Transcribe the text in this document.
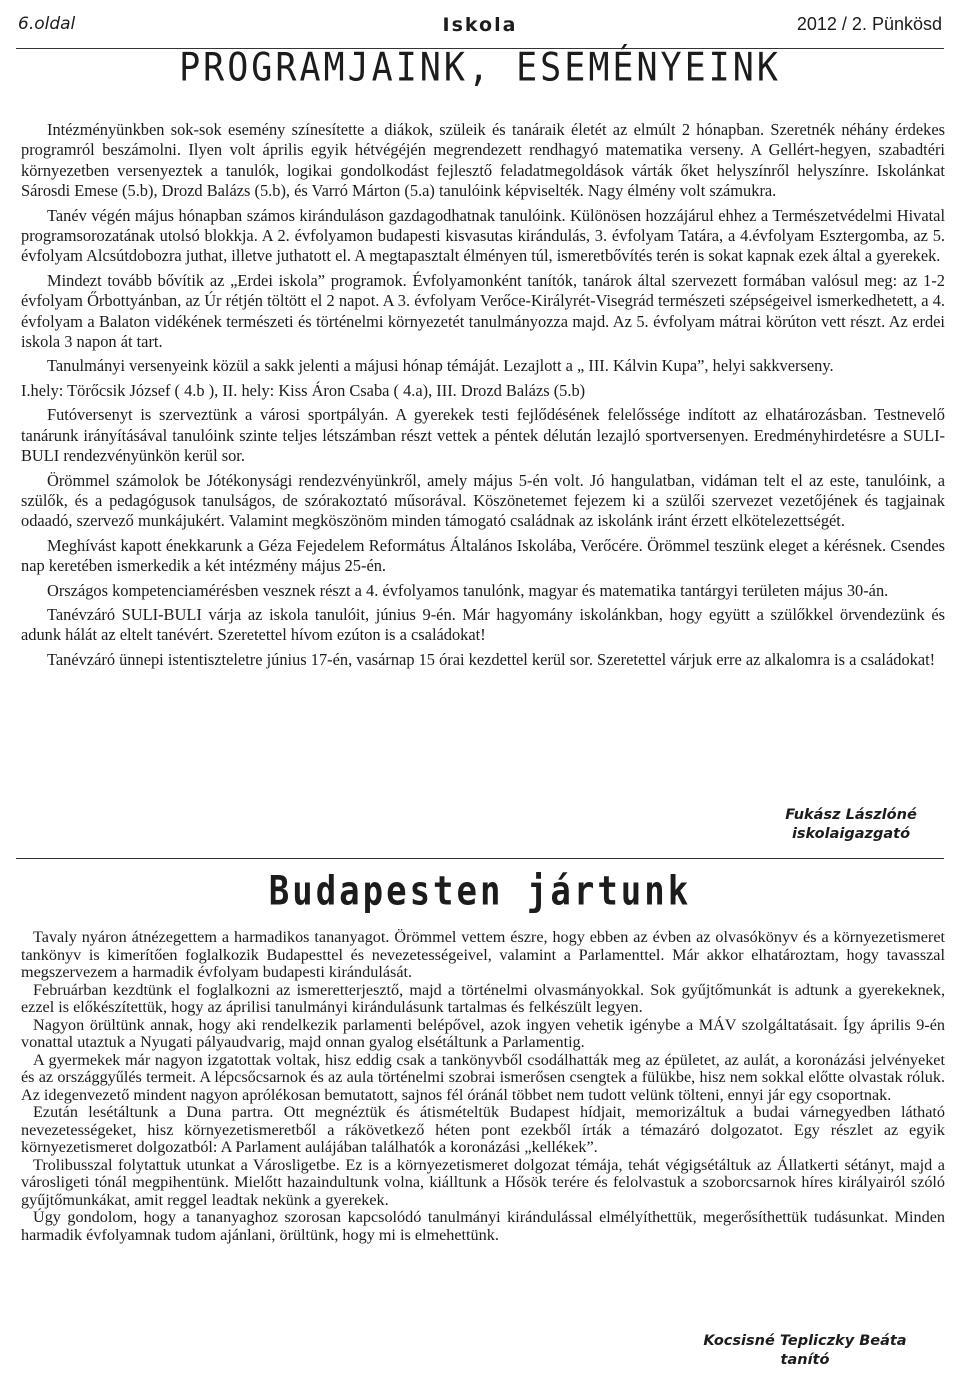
6.oldal	Iskola	2012 / 2. Pünkösd
PROGRAMJAINK, ESEMÉNYEINK

Intézményünkben sok-sok esemény színesítette a diákok, szüleik és tanáraik életét az elmúlt 2 hónapban. Szeretnék néhány érdekes programról beszámolni. Ilyen volt április egyik hétvégéjén megrendezett rendhagyó matematika verseny. A Gellért-hegyen, szabadtéri környezetben versenyeztek a tanulók, logikai gondolkodást fejlesztő feladatmegoldások várták őket helyszínről helyszínre. Iskolánkat Sárosdi Emese (5.b), Drozd Balázs (5.b), és Varró Márton (5.a) tanulóink képviselték. Nagy élmény volt számukra.

Tanév végén május hónapban számos kiránduláson gazdagodhatnak tanulóink. Különösen hozzájárul ehhez a Természetvédelmi Hivatal programsorozatának utolsó blokkja. A 2. évfolyamon budapesti kisvasutas kirándulás, 3. évfolyam Tatára, a 4.évfolyam Esztergomba, az 5. évfolyam Alcsútdobozra juthat, illetve juthatott el. A megtapasztalt élményen túl, ismeretbővítés terén is sokat kapnak ezek által a gyerekek.

Mindezt tovább bővítik az „Erdei iskola” programok. Évfolyamonként tanítók, tanárok által szervezett formában valósul meg: az 1-2 évfolyam Őrbottyánban, az Úr rétjén töltött el 2 napot. A 3. évfolyam Verőce-Királyrét-Visegrád természeti szépségeivel ismerkedhetett, a 4. évfolyam a Balaton vidékének természeti és történelmi környezetét tanulmányozza majd. Az 5. évfolyam mátrai körúton vett részt. Az erdei iskola 3 napon át tart.

Tanulmányi versenyeink közül a sakk jelenti a májusi hónap témáját. Lezajlott a „ III. Kálvin Kupa”, helyi sakkverseny.

I.hely: Törőcsik József ( 4.b ), II. hely: Kiss Áron Csaba ( 4.a), III. Drozd Balázs (5.b)

Futóversenyt is szerveztünk a városi sportpályán. A gyerekek testi fejlődésének felelőssége indított az elhatározásban. Testnevelő tanárunk irányításával tanulóink szinte teljes létszámban részt vettek a péntek délután lezajló sportversenyen. Eredményhirdetésre a SULI-BULI rendezvényünkön kerül sor.

Örömmel számolok be Jótékonysági rendezvényünkről, amely május 5-én volt. Jó hangulatban, vidáman telt el az este, tanulóink, a szülők, és a pedagógusok tanulságos, de szórakoztató műsorával. Köszönetemet fejezem ki a szülői szervezet vezetőjének és tagjainak odaadó, szervező munkájukért. Valamint megköszönöm minden támogató családnak az iskolánk iránt érzett elkötelezettségét.

Meghívást kapott énekkarunk a Géza Fejedelem Református Általános Iskolába, Verőcére. Örömmel teszünk eleget a kérésnek. Csendes nap keretében ismerkedik a két intézmény május 25-én.

Országos kompetenciamérésben vesznek részt a 4. évfolyamos tanulónk, magyar és matematika tantárgyi területen május 30-án.

Tanévzáró SULI-BULI várja az iskola tanulóit, június 9-én. Már hagyomány iskolánkban, hogy együtt a szülőkkel örvendezünk és adunk hálát az eltelt tanévért. Szeretettel hívom ezúton is a családokat!

Tanévzáró ünnepi istentiszteletre június 17-én, vasárnap 15 órai kezdettel kerül sor. Szeretettel várjuk erre az alkalomra is a családokat!

Fukász Lászlóné
iskolaigazgató
Budapesten jártunk

Tavaly nyáron átnézegettem a harmadikos tananyagot. Örömmel vettem észre, hogy ebben az évben az olvasókönyv és a környezetismeret tankönyv is kimerítően foglalkozik Budapesttel és nevezetességeivel, valamint a Parlamenttel. Már akkor elhatároztam, hogy tavasszal megszervezem a harmadik évfolyam budapesti kirándulását.

Februárban kezdtünk el foglalkozni az ismeretterjesztő, majd a történelmi olvasmányokkal. Sok gyűjtőmunkát is adtunk a gyerekeknek, ezzel is előkészítettük, hogy az áprilisi tanulmányi kirándulásunk tartalmas és felkészült legyen.

Nagyon örültünk annak, hogy aki rendelkezik parlamenti belépővel, azok ingyen vehetik igénybe a MÁV szolgáltatásait. Így április 9-én vonattal utaztuk a Nyugati pályaudvarig, majd onnan gyalog elsétáltunk a Parlamentig.

A gyermekek már nagyon izgatottak voltak, hisz eddig csak a tankönyvből csodálhatták meg az épületet, az aulát, a koronázási jelvényeket és az országgyűlés termeit. A lépcsőcsarnok és az aula történelmi szobrai ismerősen csengtek a fülükbe, hisz nem sokkal előtte olvastak róluk. Az idegenvezető mindent nagyon aprólékosan bemutatott, sajnos fél óránál többet nem tudott velünk tölteni, ennyi jár egy csoportnak.

Ezután lesétáltunk a Duna partra. Ott megnéztük és átismételtük Budapest hídjait, memorizáltuk a budai várnegyedben látható nevezetességeket, hisz környezetismeretből a rákövetkező héten pont ezekből írták a témazáró dolgozatot. Egy részlet az egyik környezetismeret dolgozatból: A Parlament aulájában találhatók a koronázási „kellékek”.

Trolibusszal folytattuk utunkat a Városligetbe. Ez is a környezetismeret dolgozat témája, tehát végigsétáltuk az Állatkerti sétányt, majd a városligeti tónál megpihentünk. Mielőtt hazaindultunk volna, kiálltunk a Hősök terére és felolvastuk a szoborcsarnok híres királyairól szóló gyűjtőmunkákat, amit reggel leadtak nekünk a gyerekek.

Úgy gondolom, hogy a tananyaghoz szorosan kapcsolódó tanulmányi kirándulással elmélyíthettük, megerősíthettük tudásunkat. Minden harmadik évfolyamnak tudom ajánlani, örültünk, hogy mi is elmehettünk.

Kocsisné Tepliczky Beáta
tanító
